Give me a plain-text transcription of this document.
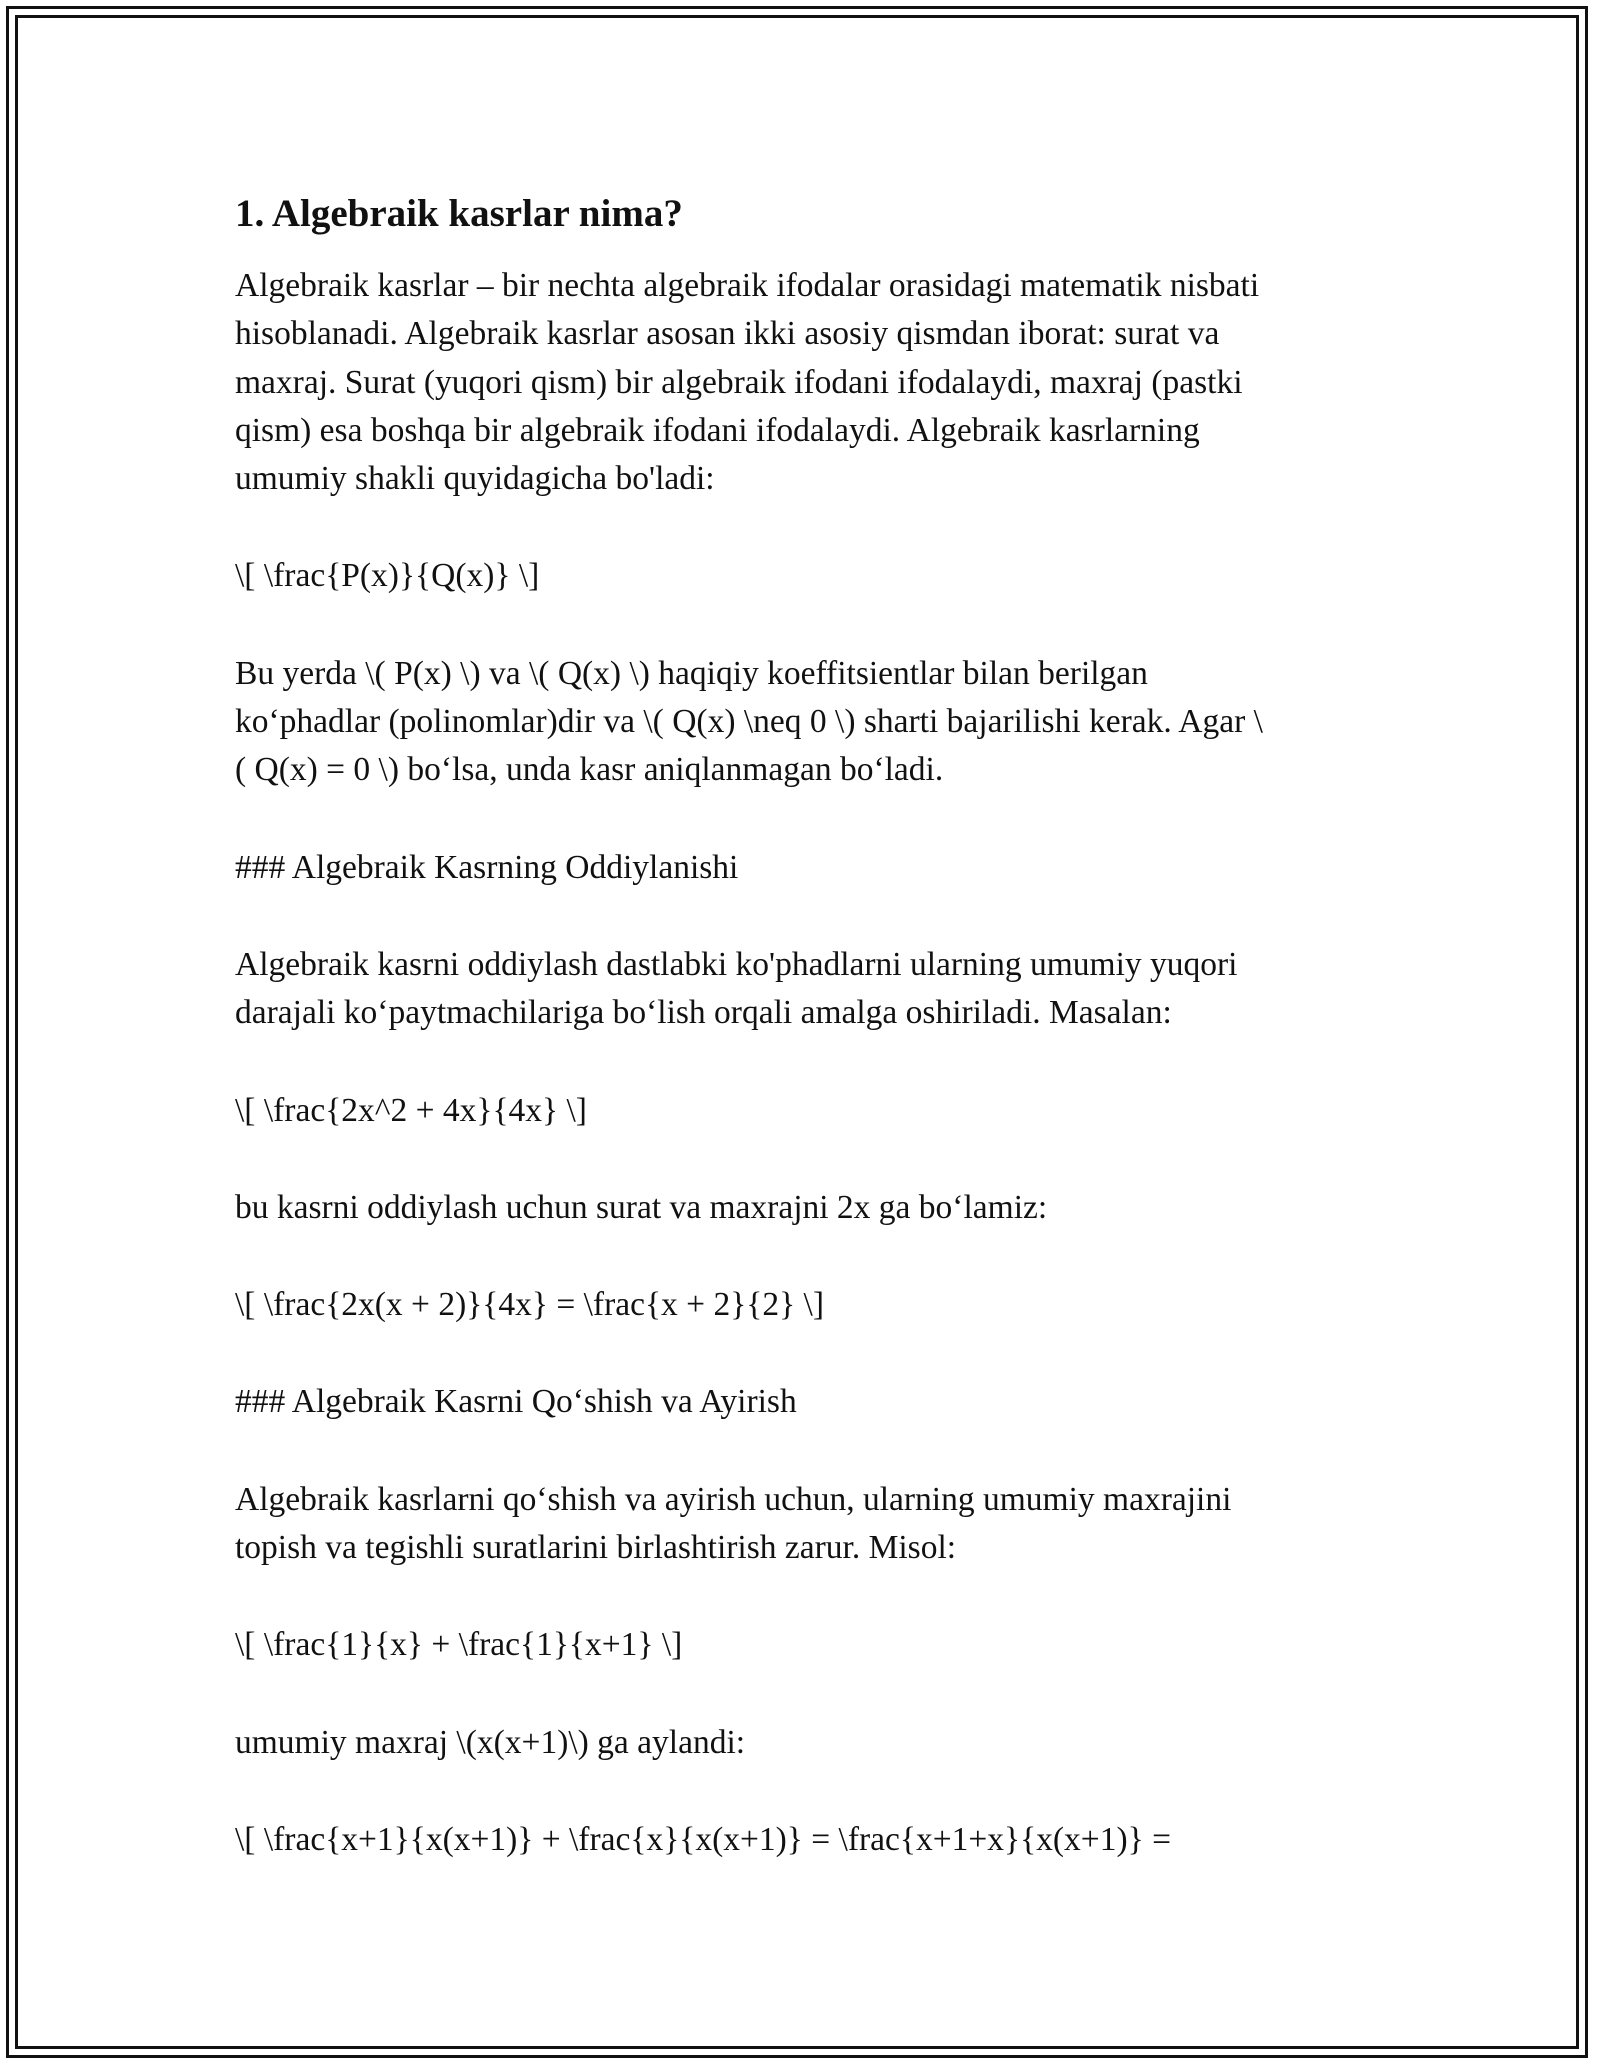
1. Algebraik kasrlar nima?
Algebraik kasrlar – bir nechta algebraik ifodalar orasidagi matematik nisbati
hisoblanadi. Algebraik kasrlar asosan ikki asosiy qismdan iborat: surat va
maxraj. Surat (yuqori qism) bir algebraik ifodani ifodalaydi, maxraj (pastki
qism) esa boshqa bir algebraik ifodani ifodalaydi. Algebraik kasrlarning
umumiy shakli quyidagicha bo'ladi:
\[ \frac{P(x)}{Q(x)} \]
Bu yerda \( P(x) \) va \( Q(x) \) haqiqiy koeffitsientlar bilan berilgan
ko‘phadlar (polinomlar)dir va \( Q(x) \neq 0 \) sharti bajarilishi kerak. Agar \
( Q(x) = 0 \) bo‘lsa, unda kasr aniqlanmagan bo‘ladi.
### Algebraik Kasrning Oddiylanishi
Algebraik kasrni oddiylash dastlabki ko'phadlarni ularning umumiy yuqori
darajali ko‘paytmachilariga bo‘lish orqali amalga oshiriladi. Masalan:
\[ \frac{2x^2 + 4x}{4x} \]
bu kasrni oddiylash uchun surat va maxrajni 2x ga bo‘lamiz:
\[ \frac{2x(x + 2)}{4x} = \frac{x + 2}{2} \]
### Algebraik Kasrni Qo‘shish va Ayirish
Algebraik kasrlarni qo‘shish va ayirish uchun, ularning umumiy maxrajini
topish va tegishli suratlarini birlashtirish zarur. Misol:
\[ \frac{1}{x} + \frac{1}{x+1} \]
umumiy maxraj \(x(x+1)\) ga aylandi:
\[ \frac{x+1}{x(x+1)} + \frac{x}{x(x+1)} = \frac{x+1+x}{x(x+1)} =
